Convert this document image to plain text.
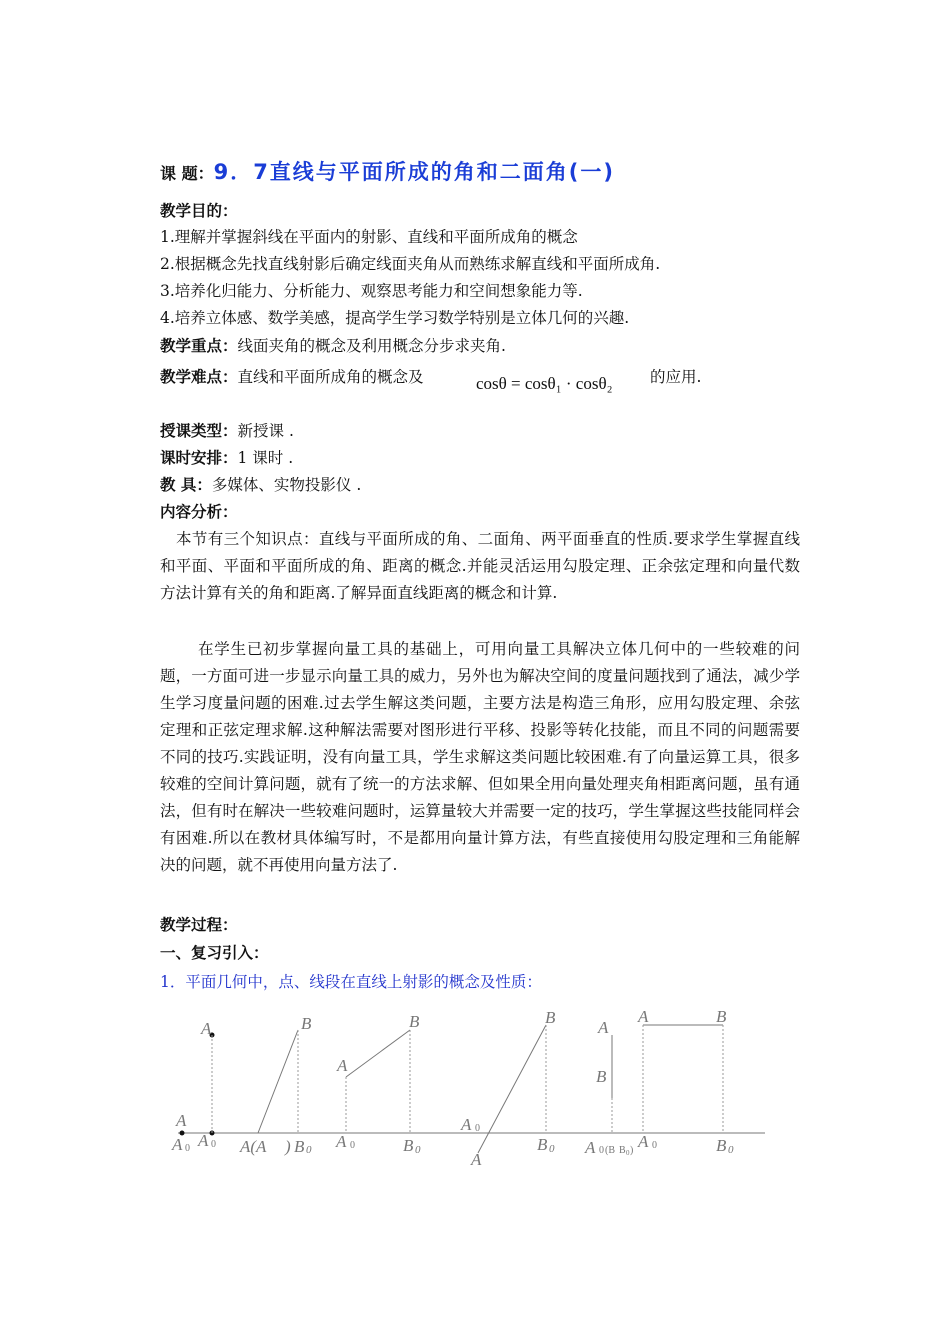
课 题：9．7直线与平面所成的角和二面角(一)
教学目的：
1.理解并掌握斜线在平面内的射影、直线和平面所成角的概念
2.根据概念先找直线射影后确定线面夹角从而熟练求解直线和平面所成角.
3.培养化归能力、分析能力、观察思考能力和空间想象能力等.
4.培养立体感、数学美感，提高学生学习数学特别是立体几何的兴趣.
教学重点：线面夹角的概念及利用概念分步求夹角.
教学难点：直线和平面所成角的概念及	cosθ = cosθ₁ · cosθ₂ 的应用.
授课类型：新授课 .
课时安排：1 课时 .
教 具：多媒体、实物投影仪 .
内容分析：
本节有三个知识点：直线与平面所成的角、二面角、两平面垂直的性质.要求学生掌握直线和平面、平面和平面所成的角、距离的概念.并能灵活运用勾股定理、正余弦定理和向量代数方法计算有关的角和距离.了解异面直线距离的概念和计算.
在学生已初步掌握向量工具的基础上，可用向量工具解决立体几何中的一些较难的问题，一方面可进一步显示向量工具的威力，另外也为解决空间的度量问题找到了通法，减少学生学习度量问题的困难.过去学生解这类问题，主要方法是构造三角形，应用勾股定理、余弦定理和正弦定理求解.这种解法需要对图形进行平移、投影等转化技能，而且不同的问题需要不同的技巧.实践证明，没有向量工具，学生求解这类问题比较困难.有了向量运算工具，很多较难的空间计算问题，就有了统一的方法求解、但如果全用向量处理夹角相距离问题，虽有通法，但有时在解决一些较难问题时，运算量较大并需要一定的技巧，学生掌握这些技能同样会有困难.所以在教材具体编写时，不是都用向量计算方法，有些直接使用勾股定理和三角能解决的问题，就不再使用向量方法了.
教学过程：
一、复习引入：
1．平面几何中，点、线段在直线上射影的概念及性质：
A
A 0
A
A 0
B
A(A ) B 0
A
B
A 0	B 0
B
A 0
A
B 0
A
B
A 0 (B B 0 )
A	B
A 0	B 0
